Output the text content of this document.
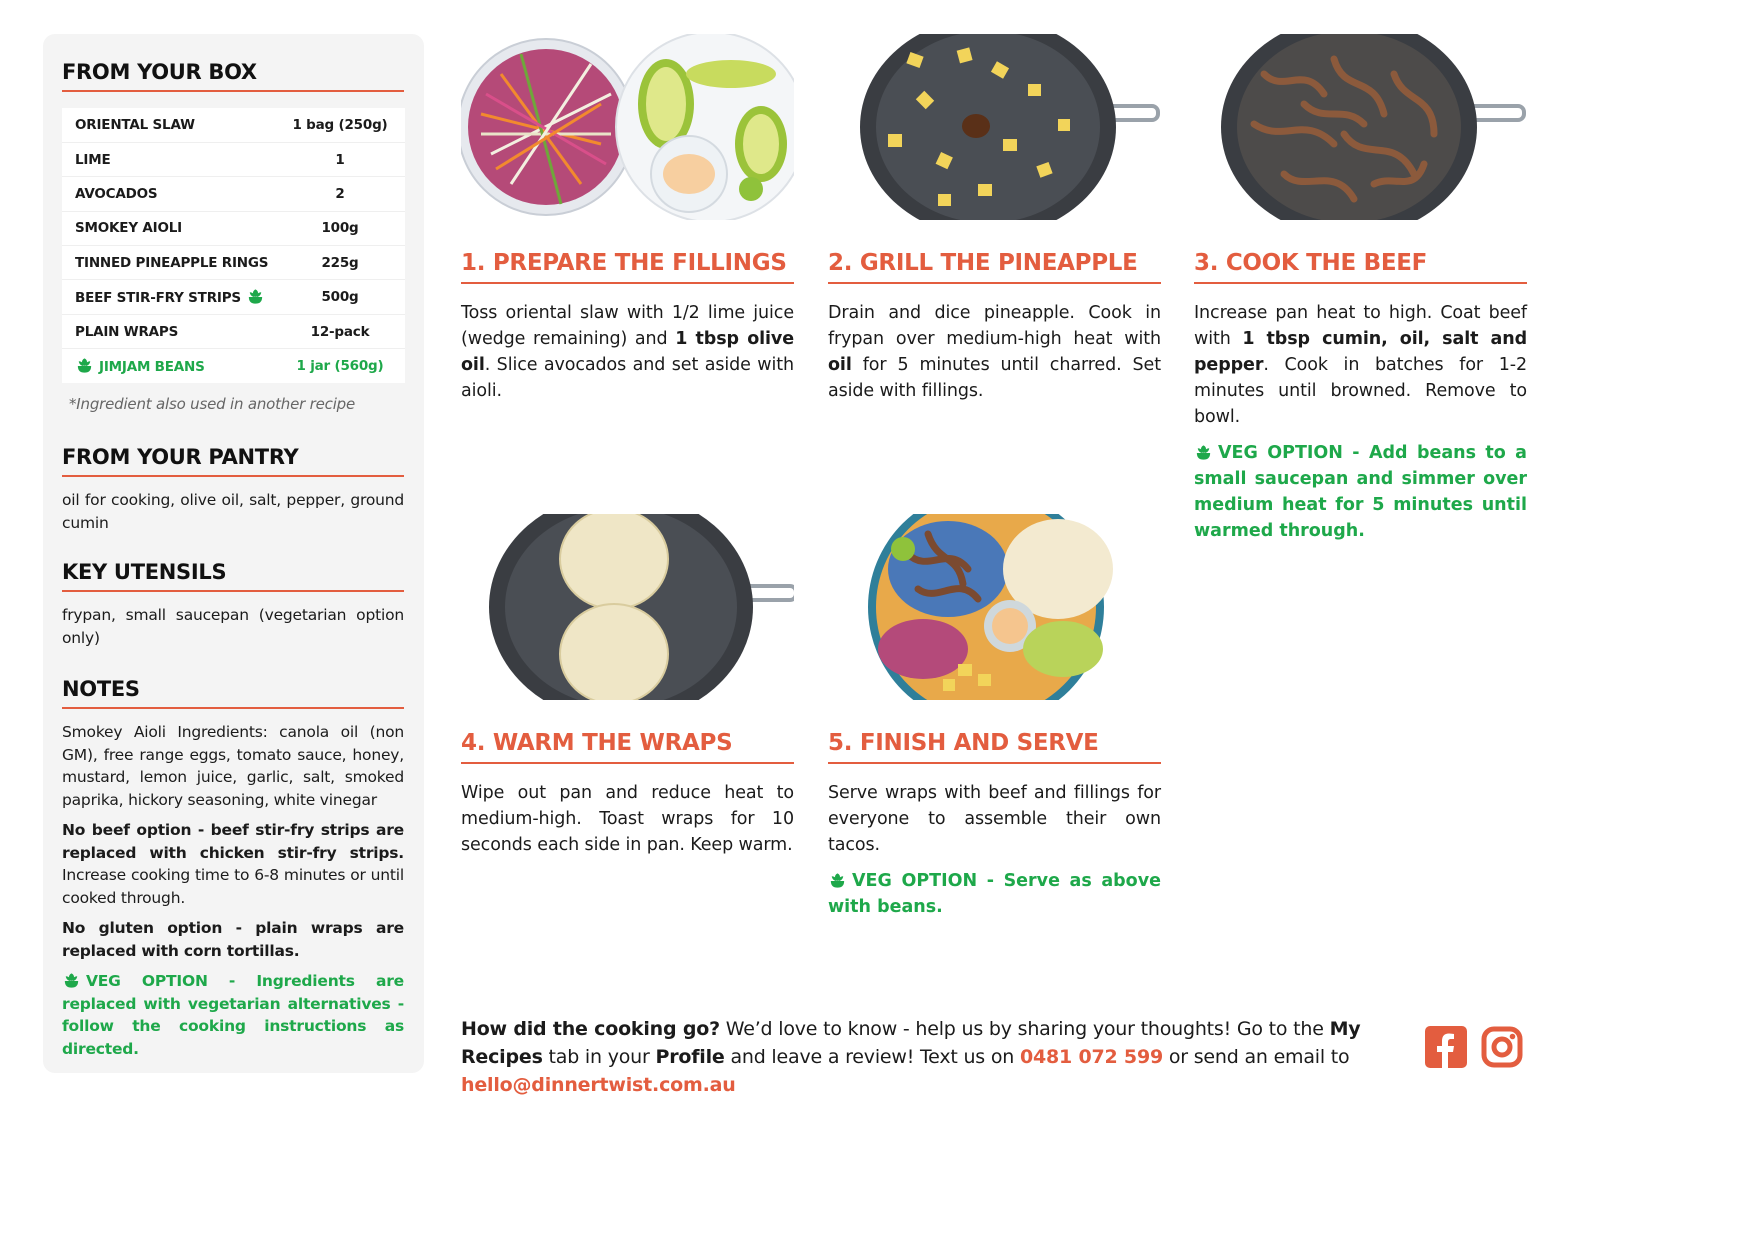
FROM YOUR BOX
ORIENTAL SLAW	1 bag (250g)
LIME	1
AVOCADOS	2
SMOKEY AIOLI	100g
TINNED PINEAPPLE RINGS	225g
BEEF STIR-FRY STRIPS	500g
PLAIN WRAPS	12-pack
JIMJAM BEANS	1 jar (560g)

*Ingredient also used in another recipe

FROM YOUR PANTRY

oil for cooking, olive oil, salt, pepper, ground cumin

KEY UTENSILS

frypan, small saucepan (vegetarian option only)

NOTES

Smokey Aioli Ingredients: canola oil (non GM), free range eggs, tomato sauce, honey, mustard, lemon juice, garlic, salt, smoked paprika, hickory seasoning, white vinegar

No beef option - beef stir-fry strips are replaced with chicken stir-fry strips. Increase cooking time to 6-8 minutes or until cooked through.

No gluten option - plain wraps are replaced with corn tortillas.

VEG OPTION - Ingredients are replaced with vegetarian alternatives - follow the cooking instructions as directed.

1. PREPARE THE FILLINGS

Toss oriental slaw with 1/2 lime juice (wedge remaining) and 1 tbsp olive oil. Slice avocados and set aside with aioli.

2. GRILL THE PINEAPPLE

Drain and dice pineapple. Cook in frypan over medium-high heat with oil for 5 minutes until charred. Set aside with fillings.

3. COOK THE BEEF

Increase pan heat to high. Coat beef with 1 tbsp cumin, oil, salt and pepper. Cook in batches for 1-2 minutes until browned. Remove to bowl.

VEG OPTION - Add beans to a small saucepan and simmer over medium heat for 5 minutes until warmed through.

4. WARM THE WRAPS

Wipe out pan and reduce heat to medium-high. Toast wraps for 10 seconds each side in pan. Keep warm.

5. FINISH AND SERVE

Serve wraps with beef and fillings for everyone to assemble their own tacos.

VEG OPTION - Serve as above with beans.

How did the cooking go? We’d love to know - help us by sharing your thoughts! Go to the My Recipes tab in your Profile and leave a review! Text us on 0481 072 599 or send an email to hello@dinnertwist.com.au
